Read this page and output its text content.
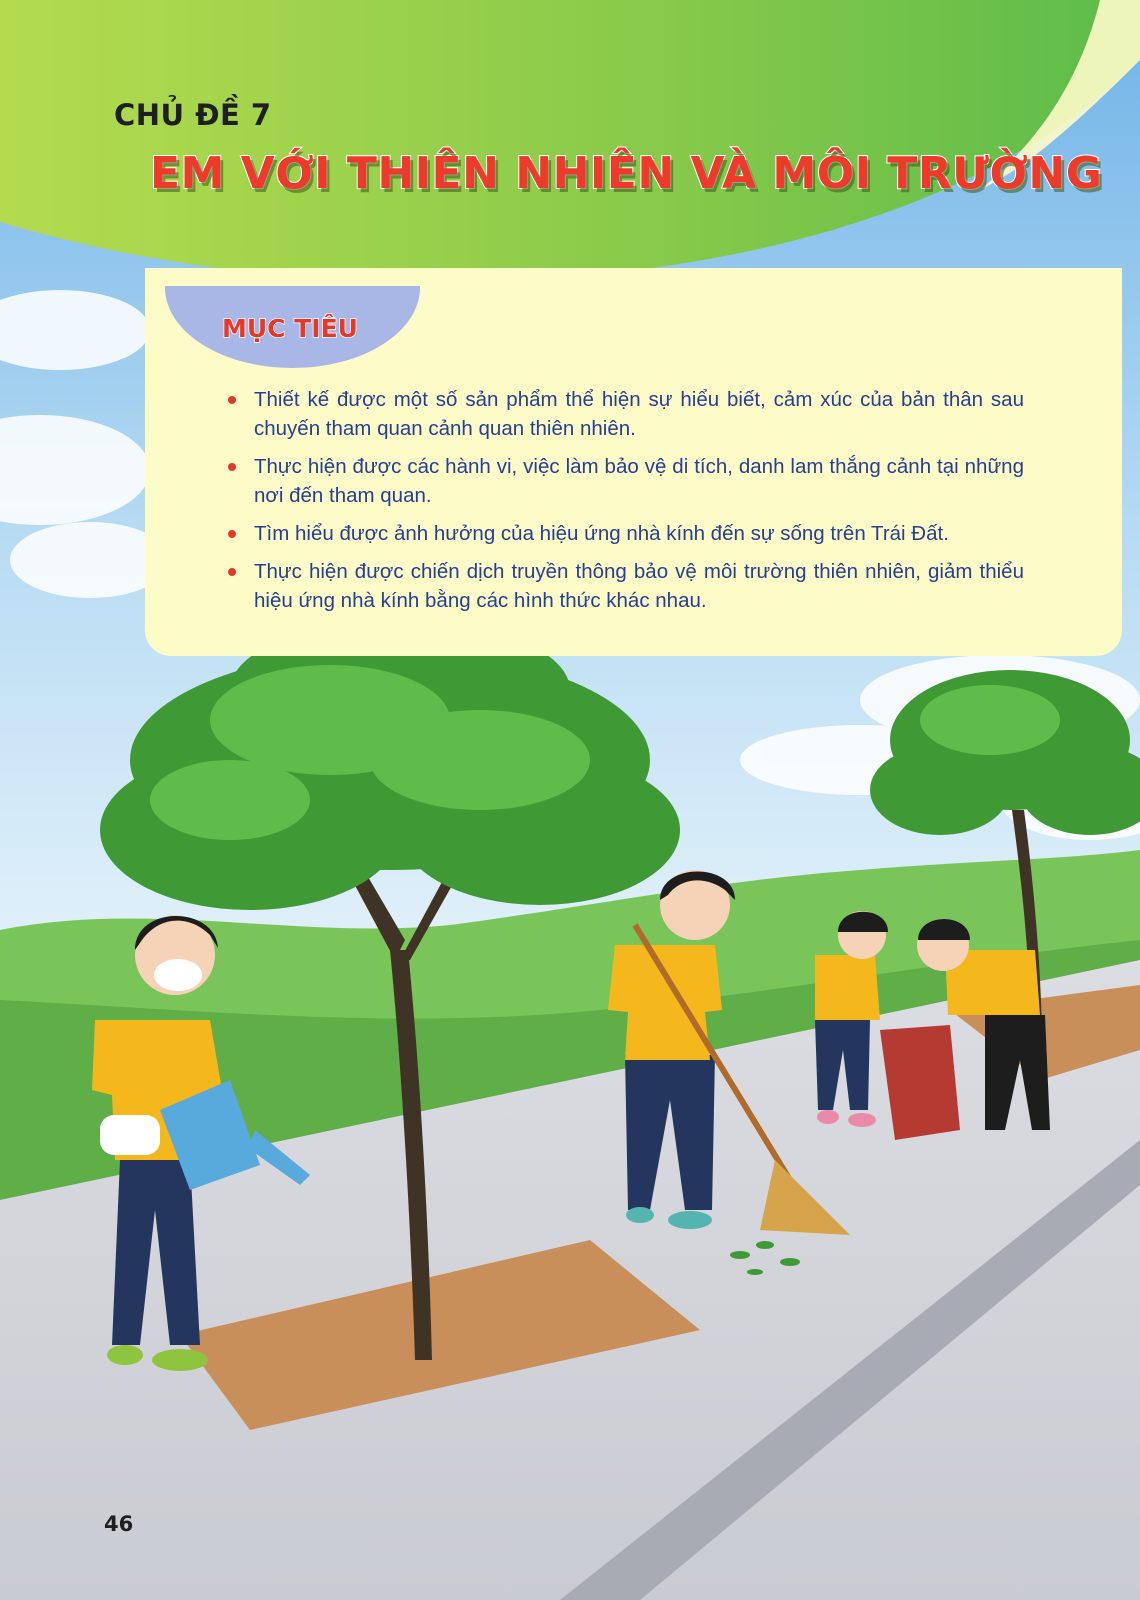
CHỦ ĐỀ 7
EM VỚI THIÊN NHIÊN VÀ MÔI TRƯỜNG
MỤC TIÊU
Thiết kế được một số sản phẩm thể hiện sự hiểu biết, cảm xúc của bản thân sau chuyến tham quan cảnh quan thiên nhiên.
Thực hiện được các hành vi, việc làm bảo vệ di tích, danh lam thắng cảnh tại những nơi đến tham quan.
Tìm hiểu được ảnh hưởng của hiệu ứng nhà kính đến sự sống trên Trái Đất.
Thực hiện được chiến dịch truyền thông bảo vệ môi trường thiên nhiên, giảm thiểu hiệu ứng nhà kính bằng các hình thức khác nhau.

46
